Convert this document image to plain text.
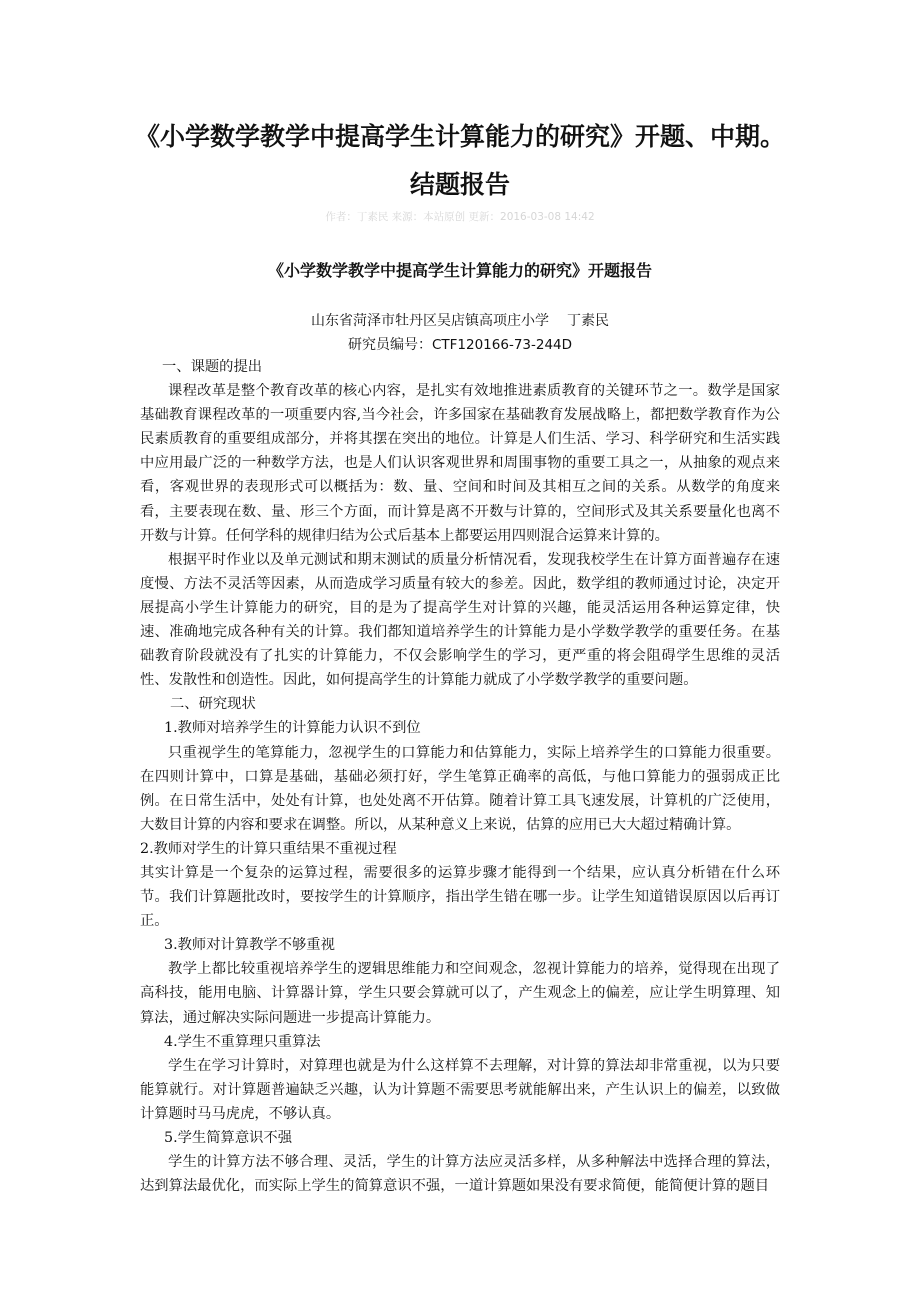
《小学数学教学中提高学生计算能力的研究》开题、中期。
结题报告
作者：丁素民 来源：本站原创 更新：2016-03-08 14:42
《小学数学教学中提高学生计算能力的研究》开题报告
山东省菏泽市牡丹区吴店镇高项庄小学 丁素民
研究员编号：CTF120166-73-244D

一、课题的提出

课程改革是整个教育改革的核心内容，是扎实有效地推进素质教育的关键环节之一。数学是国家基础教育课程改革的一项重要内容,当今社会，许多国家在基础教育发展战略上，都把数学教育作为公民素质教育的重要组成部分，并将其摆在突出的地位。计算是人们生活、学习、科学研究和生活实践中应用最广泛的一种数学方法，也是人们认识客观世界和周围事物的重要工具之一，从抽象的观点来看，客观世界的表现形式可以概括为：数、量、空间和时间及其相互之间的关系。从数学的角度来看，主要表现在数、量、形三个方面，而计算是离不开数与计算的，空间形式及其关系要量化也离不开数与计算。任何学科的规律归结为公式后基本上都要运用四则混合运算来计算的。

根据平时作业以及单元测试和期末测试的质量分析情况看，发现我校学生在计算方面普遍存在速度慢、方法不灵活等因素，从而造成学习质量有较大的参差。因此，数学组的教师通过讨论，决定开展提高小学生计算能力的研究，目的是为了提高学生对计算的兴趣，能灵活运用各种运算定律，快速、准确地完成各种有关的计算。我们都知道培养学生的计算能力是小学数学教学的重要任务。在基础教育阶段就没有了扎实的计算能力，不仅会影响学生的学习，更严重的将会阻碍学生思维的灵活性、发散性和创造性。因此，如何提高学生的计算能力就成了小学数学教学的重要问题。

二、研究现状

1.教师对培养学生的计算能力认识不到位

只重视学生的笔算能力，忽视学生的口算能力和估算能力，实际上培养学生的口算能力很重要。在四则计算中，口算是基础，基础必须打好，学生笔算正确率的高低，与他口算能力的强弱成正比例。在日常生活中，处处有计算，也处处离不开估算。随着计算工具飞速发展，计算机的广泛使用，大数目计算的内容和要求在调整。所以，从某种意义上来说，估算的应用已大大超过精确计算。

2.教师对学生的计算只重结果不重视过程

其实计算是一个复杂的运算过程，需要很多的运算步骤才能得到一个结果，应认真分析错在什么环节。我们计算题批改时，要按学生的计算顺序，指出学生错在哪一步。让学生知道错误原因以后再订正。

3.教师对计算教学不够重视

教学上都比较重视培养学生的逻辑思维能力和空间观念，忽视计算能力的培养，觉得现在出现了高科技，能用电脑、计算器计算，学生只要会算就可以了，产生观念上的偏差，应让学生明算理、知算法，通过解决实际问题进一步提高计算能力。

4.学生不重算理只重算法

学生在学习计算时，对算理也就是为什么这样算不去理解，对计算的算法却非常重视，以为只要能算就行。对计算题普遍缺乏兴趣，认为计算题不需要思考就能解出来，产生认识上的偏差，以致做计算题时马马虎虎，不够认真。

5.学生简算意识不强

学生的计算方法不够合理、灵活，学生的计算方法应灵活多样，从多种解法中选择合理的算法，达到算法最优化，而实际上学生的简算意识不强，一道计算题如果没有要求简便，能简便计算的题目
